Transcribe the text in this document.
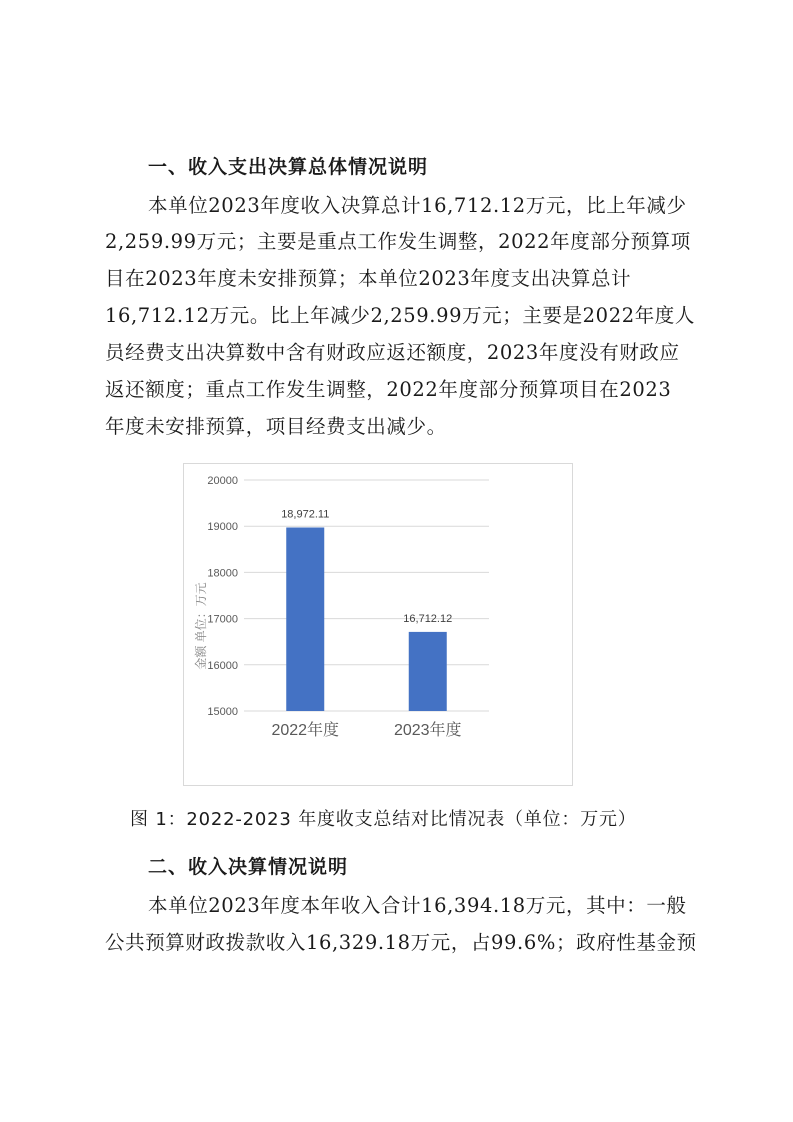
一、收入支出决算总体情况说明
本单位2023年度收入决算总计16,712.12万元，比上年减少
2,259.99万元；主要是重点工作发生调整，2022年度部分预算项
目在2023年度未安排预算；本单位2023年度支出决算总计
16,712.12万元。比上年减少2,259.99万元；主要是2022年度人
员经费支出决算数中含有财政应返还额度，2023年度没有财政应
返还额度；重点工作发生调整，2022年度部分预算项目在2023
年度未安排预算，项目经费支出减少。
15000
16000
17000
18000
19000
20000
18,972.11
16,712.12
2022年度	2023年度
金额 单位：万元
图 1：2022-2023 年度收支总结对比情况表（单位：万元）
二、收入决算情况说明
本单位2023年度本年收入合计16,394.18万元，其中：一般
公共预算财政拨款收入16,329.18万元，占99.6%；政府性基金预
